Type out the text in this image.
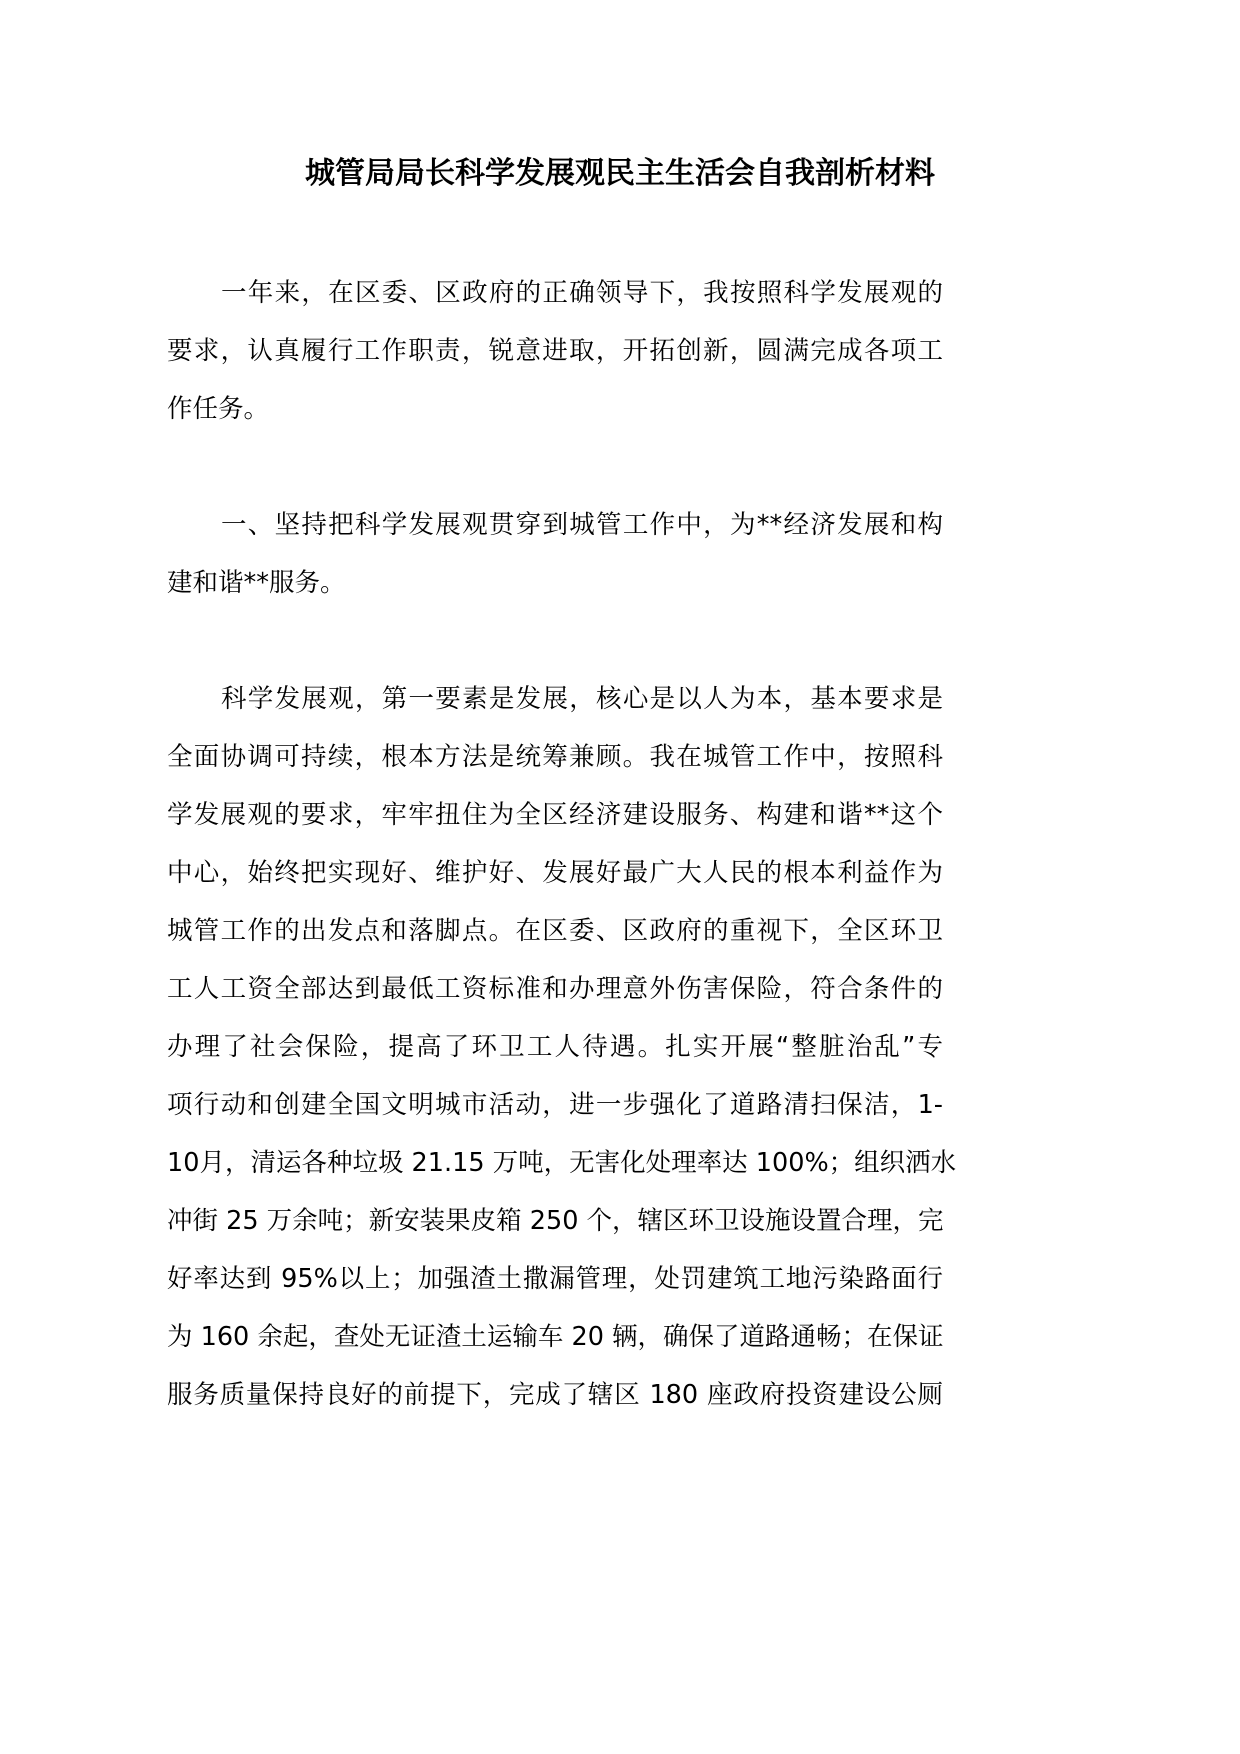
城管局局长科学发展观民主生活会自我剖析材料
一年来，在区委、区政府的正确领导下，我按照科学发展观的
要求，认真履行工作职责，锐意进取，开拓创新，圆满完成各项工
作任务。
一、坚持把科学发展观贯穿到城管工作中，为**经济发展和构
建和谐**服务。
科学发展观，第一要素是发展，核心是以人为本，基本要求是
全面协调可持续，根本方法是统筹兼顾。我在城管工作中，按照科
学发展观的要求，牢牢扭住为全区经济建设服务、构建和谐**这个
中心，始终把实现好、维护好、发展好最广大人民的根本利益作为
城管工作的出发点和落脚点。在区委、区政府的重视下，全区环卫
工人工资全部达到最低工资标准和办理意外伤害保险，符合条件的
办理了社会保险，提高了环卫工人待遇。扎实开展“整脏治乱”专
项行动和创建全国文明城市活动，进一步强化了道路清扫保洁，1-
10月，清运各种垃圾 21.15 万吨，无害化处理率达 100%；组织洒水
冲街 25 万余吨；新安装果皮箱 250 个，辖区环卫设施设置合理，完
好率达到 95%以上；加强渣土撒漏管理，处罚建筑工地污染路面行
为 160 余起，查处无证渣土运输车 20 辆，确保了道路通畅；在保证
服务质量保持良好的前提下，完成了辖区 180 座政府投资建设公厕
